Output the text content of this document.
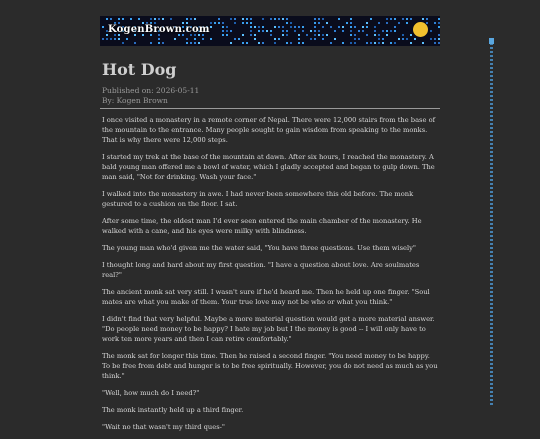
KogenBrown.com
Hot Dog
Published on: 2026-05-11
By: Kogen Brown

I once visited a monastery in a remote corner of Nepal. There were 12,000 stairs from the base of the mountain to the entrance. Many people sought to gain wisdom from speaking to the monks. That is why there were 12,000 steps.

I started my trek at the base of the mountain at dawn. After six hours, I reached the monastery. A bald young man offered me a bowl of water, which I gladly accepted and began to gulp down. The man said, "Not for drinking. Wash your face."

I walked into the monastery in awe. I had never been somewhere this old before. The monk gestured to a cushion on the floor. I sat.

After some time, the oldest man I'd ever seen entered the main chamber of the monastery. He walked with a cane, and his eyes were milky with blindness.

The young man who'd given me the water said, "You have three questions. Use them wisely"

I thought long and hard about my first question. "I have a question about love. Are soulmates real?"

The ancient monk sat very still. I wasn't sure if he'd heard me. Then he held up one finger. "Soul mates are what you make of them. Your true love may not be who or what you think."

I didn't find that very helpful. Maybe a more material question would get a more material answer. "Do people need money to be happy? I hate my job but I the money is good -- I will only have to work ten more years and then I can retire comfortably."

The monk sat for longer this time. Then he raised a second finger. "You need money to be happy. To be free from debt and hunger is to be free spiritually. However, you do not need as much as you think."

"Well, how much do I need?"

The monk instantly held up a third finger.

"Wait no that wasn't my third ques-"
